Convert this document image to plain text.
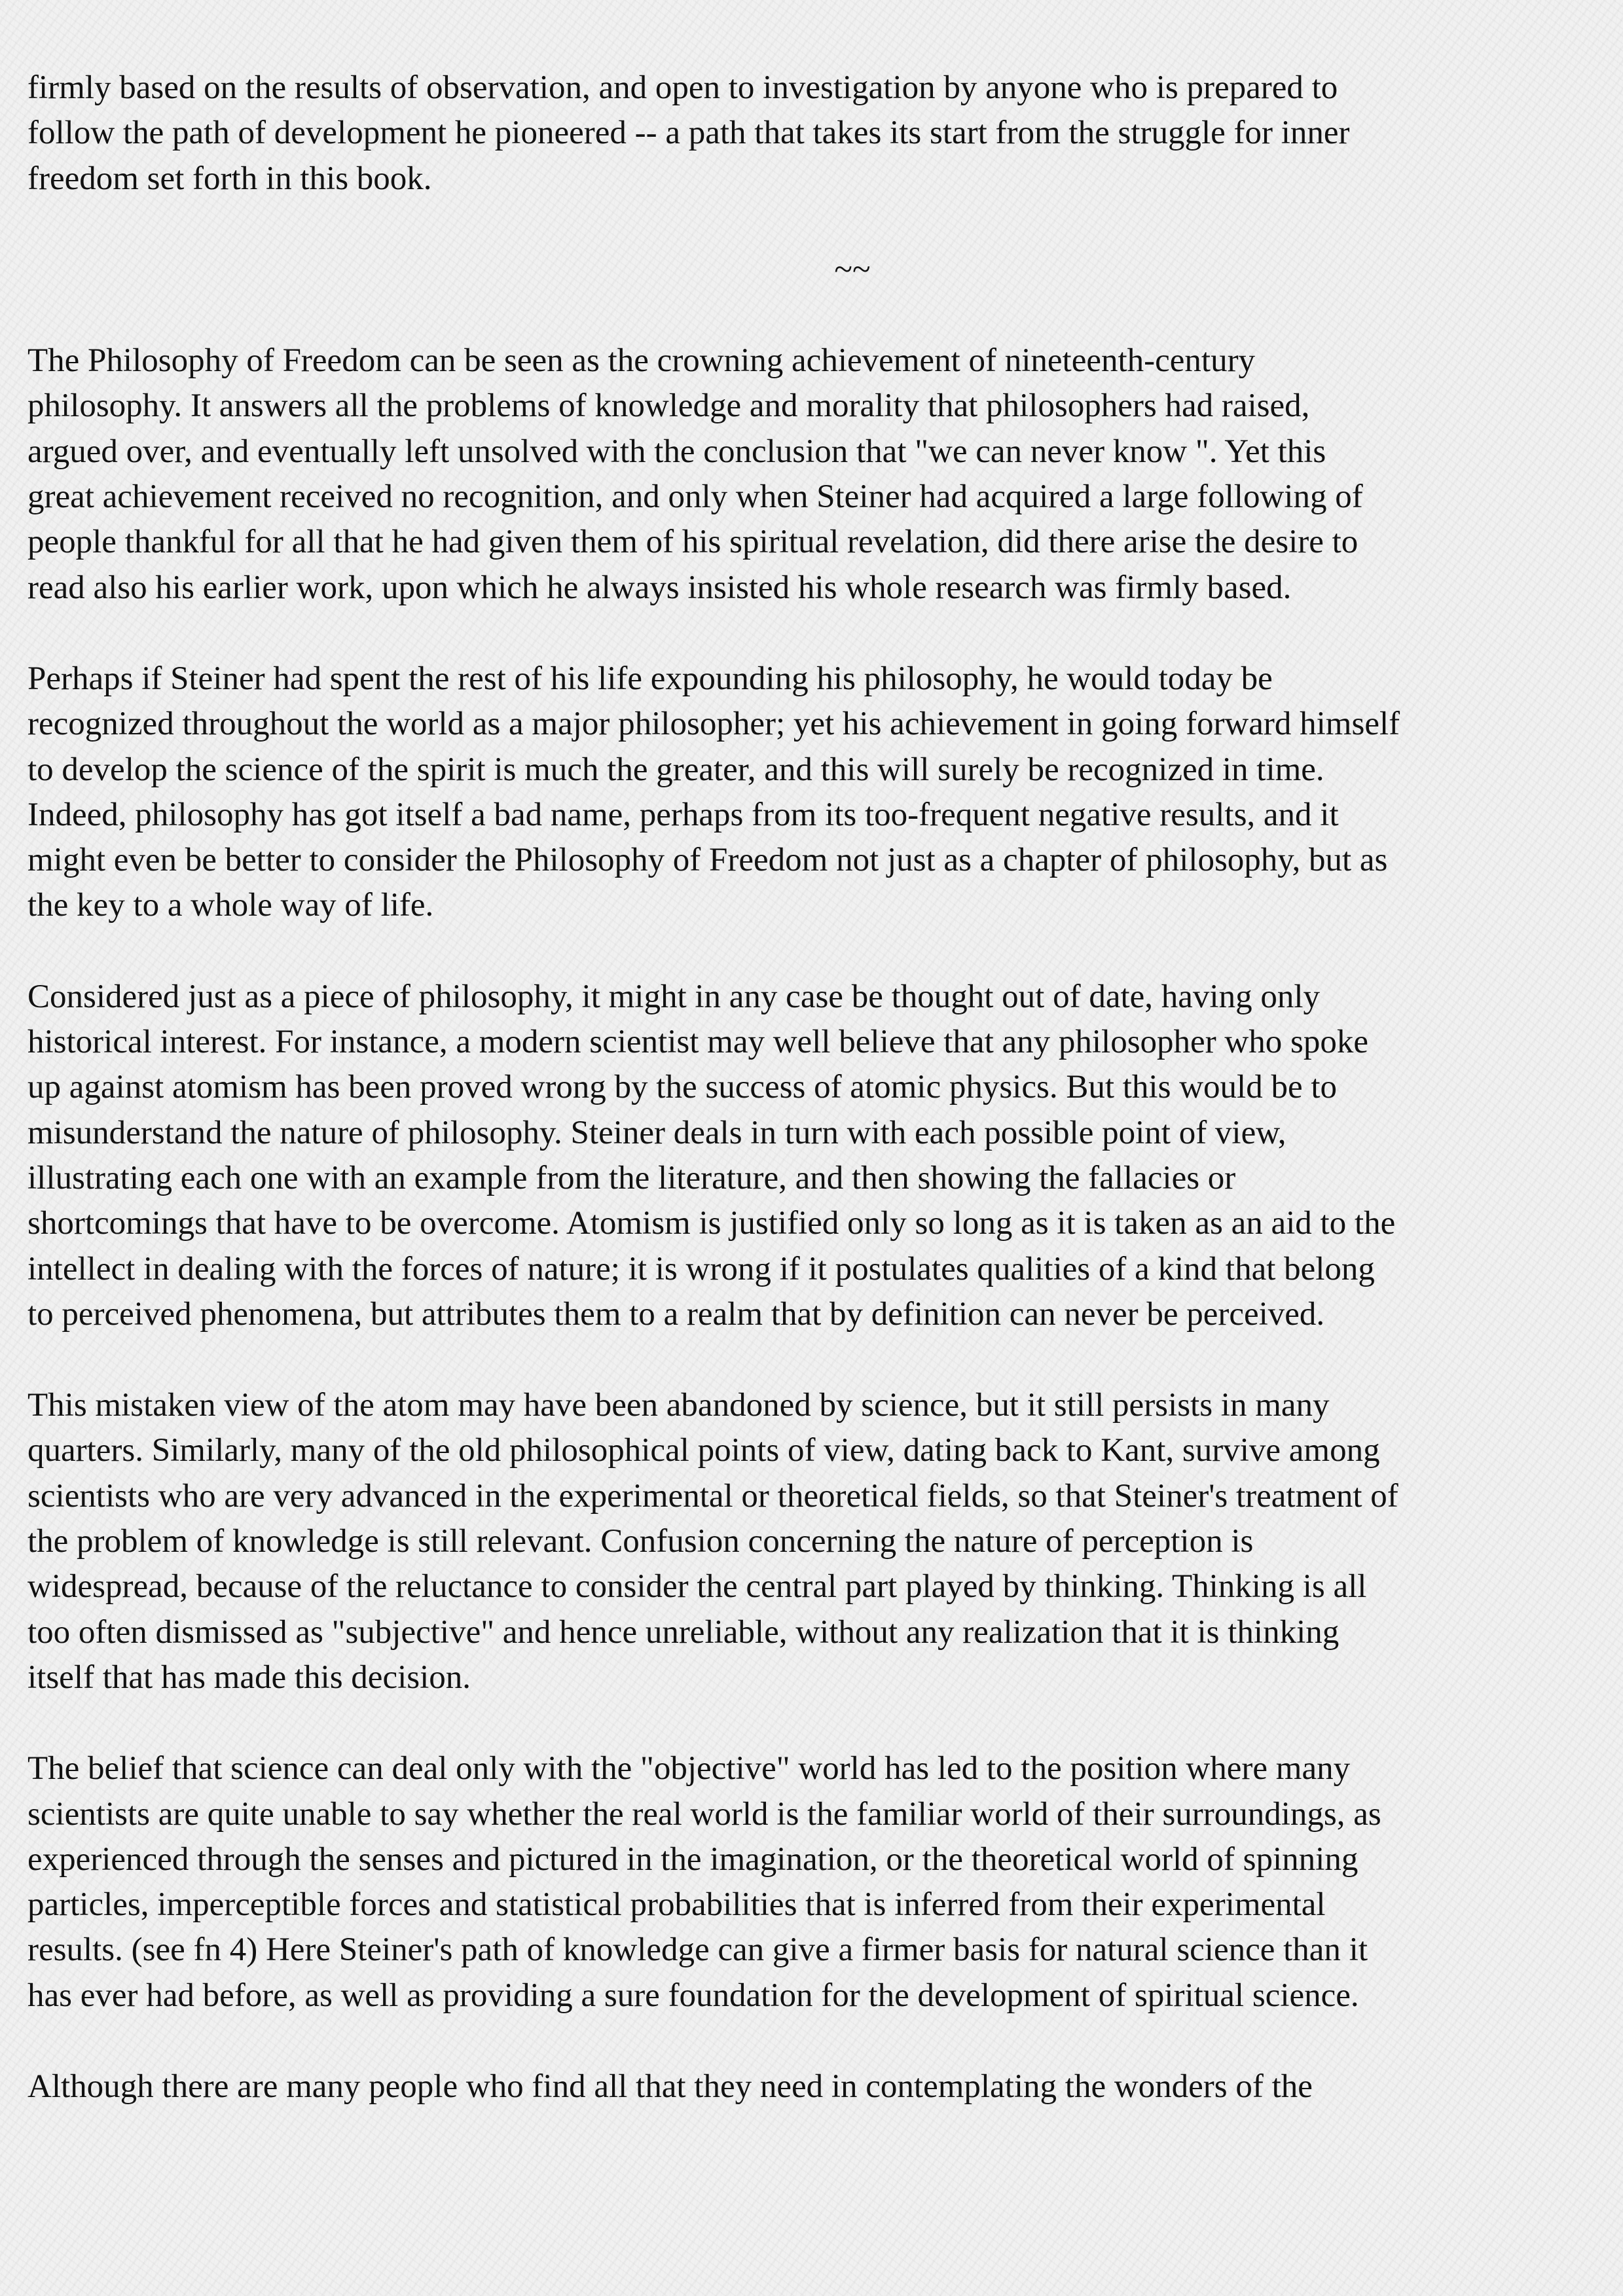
firmly based on the results of observation, and open to investigation by anyone who is prepared to
follow the path of development he pioneered -- a path that takes its start from the struggle for inner
freedom set forth in this book.

~~

The Philosophy of Freedom can be seen as the crowning achievement of nineteenth-century
philosophy. It answers all the problems of knowledge and morality that philosophers had raised,
argued over, and eventually left unsolved with the conclusion that "we can never know ". Yet this
great achievement received no recognition, and only when Steiner had acquired a large following of
people thankful for all that he had given them of his spiritual revelation, did there arise the desire to
read also his earlier work, upon which he always insisted his whole research was firmly based.

Perhaps if Steiner had spent the rest of his life expounding his philosophy, he would today be
recognized throughout the world as a major philosopher; yet his achievement in going forward himself
to develop the science of the spirit is much the greater, and this will surely be recognized in time.
Indeed, philosophy has got itself a bad name, perhaps from its too-frequent negative results, and it
might even be better to consider the Philosophy of Freedom not just as a chapter of philosophy, but as
the key to a whole way of life.

Considered just as a piece of philosophy, it might in any case be thought out of date, having only
historical interest. For instance, a modern scientist may well believe that any philosopher who spoke
up against atomism has been proved wrong by the success of atomic physics. But this would be to
misunderstand the nature of philosophy. Steiner deals in turn with each possible point of view,
illustrating each one with an example from the literature, and then showing the fallacies or
shortcomings that have to be overcome. Atomism is justified only so long as it is taken as an aid to the
intellect in dealing with the forces of nature; it is wrong if it postulates qualities of a kind that belong
to perceived phenomena, but attributes them to a realm that by definition can never be perceived.

This mistaken view of the atom may have been abandoned by science, but it still persists in many
quarters. Similarly, many of the old philosophical points of view, dating back to Kant, survive among
scientists who are very advanced in the experimental or theoretical fields, so that Steiner's treatment of
the problem of knowledge is still relevant. Confusion concerning the nature of perception is
widespread, because of the reluctance to consider the central part played by thinking. Thinking is all
too often dismissed as "subjective" and hence unreliable, without any realization that it is thinking
itself that has made this decision.

The belief that science can deal only with the "objective" world has led to the position where many
scientists are quite unable to say whether the real world is the familiar world of their surroundings, as
experienced through the senses and pictured in the imagination, or the theoretical world of spinning
particles, imperceptible forces and statistical probabilities that is inferred from their experimental
results. (see fn 4) Here Steiner's path of knowledge can give a firmer basis for natural science than it
has ever had before, as well as providing a sure foundation for the development of spiritual science.

Although there are many people who find all that they need in contemplating the wonders of the
